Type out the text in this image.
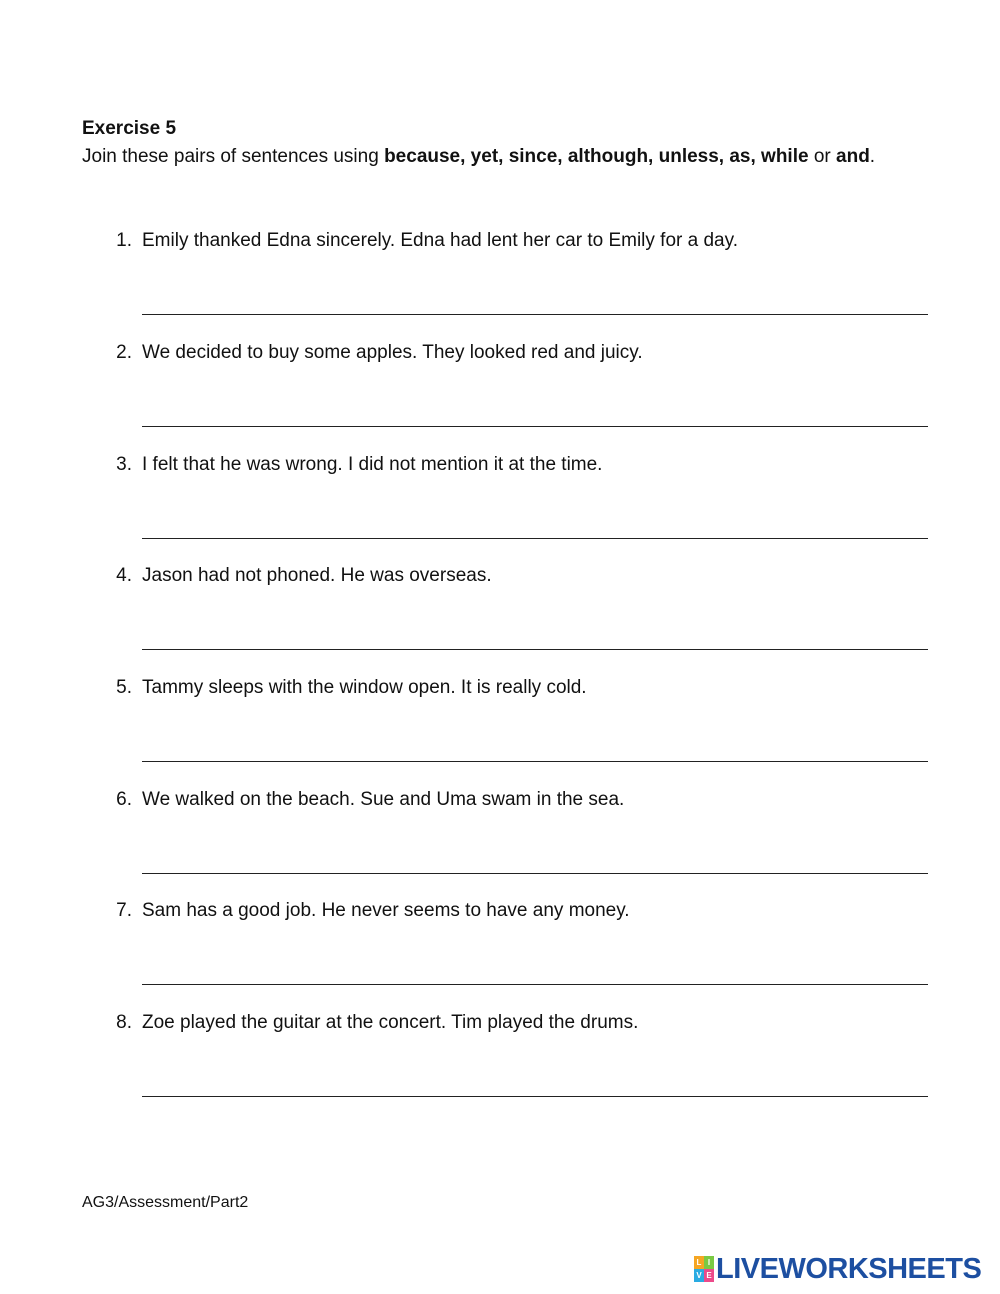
Exercise 5
Join these pairs of sentences using because, yet, since, although, unless, as, while or and.
1. Emily thanked Edna sincerely. Edna had lent her car to Emily for a day.
2. We decided to buy some apples. They looked red and juicy.
3. I felt that he was wrong. I did not mention it at the time.
4. Jason had not phoned. He was overseas.
5. Tammy sleeps with the window open. It is really cold.
6. We walked on the beach. Sue and Uma swam in the sea.
7. Sam has a good job. He never seems to have any money.
8. Zoe played the guitar at the concert. Tim played the drums.
AG3/Assessment/Part2
L I
V E LIVEWORKSHEETS
